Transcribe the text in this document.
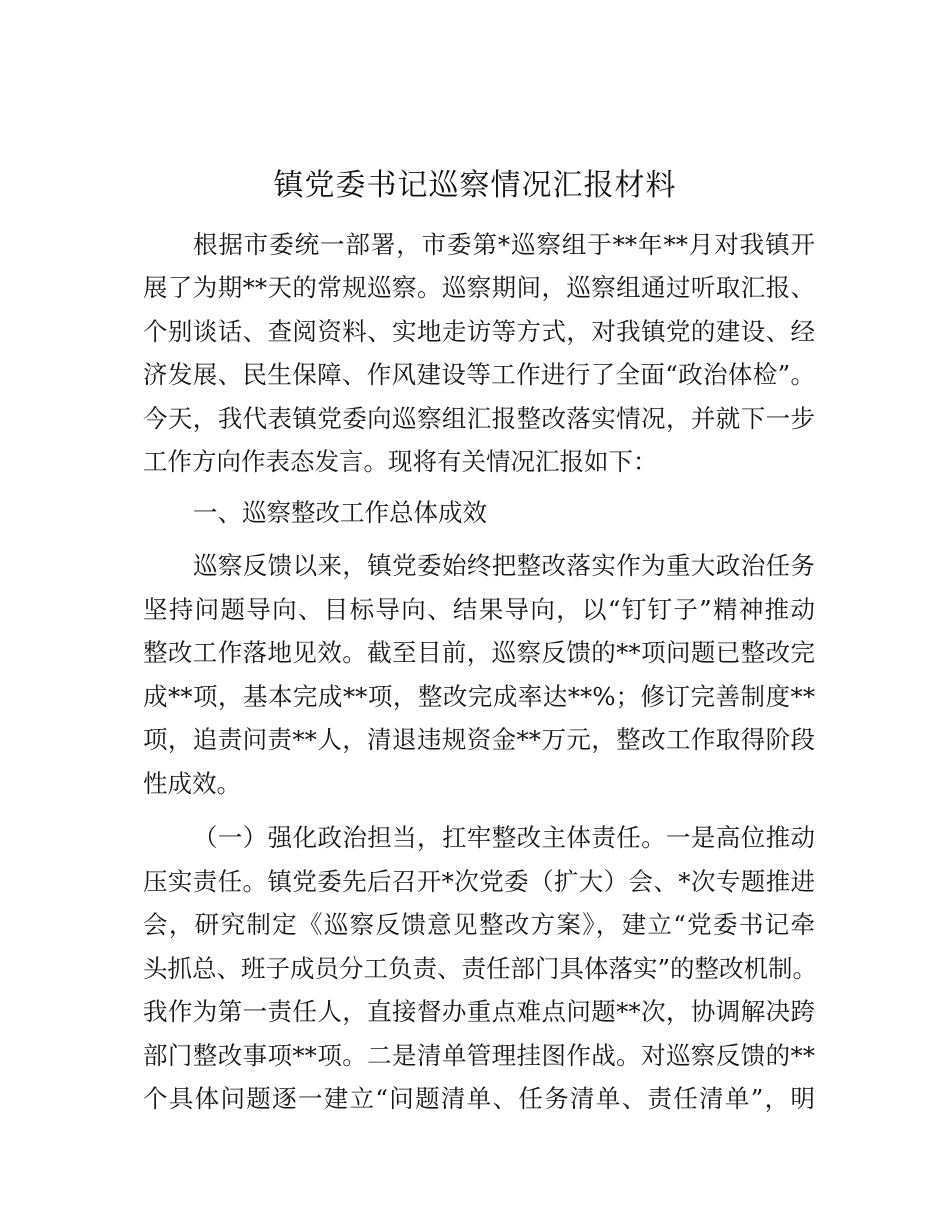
镇党委书记巡察情况汇报材料
根据市委统一部署，市委第*巡察组于**年**月对我镇开
展了为期**天的常规巡察。巡察期间，巡察组通过听取汇报、
个别谈话、查阅资料、实地走访等方式，对我镇党的建设、经
济发展、民生保障、作风建设等工作进行了全面“政治体检”。
今天，我代表镇党委向巡察组汇报整改落实情况，并就下一步
工作方向作表态发言。现将有关情况汇报如下：
一、巡察整改工作总体成效
巡察反馈以来，镇党委始终把整改落实作为重大政治任务
坚持问题导向、目标导向、结果导向，以“钉钉子”精神推动
整改工作落地见效。截至目前，巡察反馈的**项问题已整改完
成**项，基本完成**项，整改完成率达**%；修订完善制度**
项，追责问责**人，清退违规资金**万元，整改工作取得阶段
性成效。
（一）强化政治担当，扛牢整改主体责任。一是高位推动
压实责任。镇党委先后召开*次党委（扩大）会、*次专题推进
会，研究制定《巡察反馈意见整改方案》，建立“党委书记牵
头抓总、班子成员分工负责、责任部门具体落实”的整改机制。
我作为第一责任人，直接督办重点难点问题**次，协调解决跨
部门整改事项**项。二是清单管理挂图作战。对巡察反馈的**
个具体问题逐一建立“问题清单、任务清单、责任清单”，明
